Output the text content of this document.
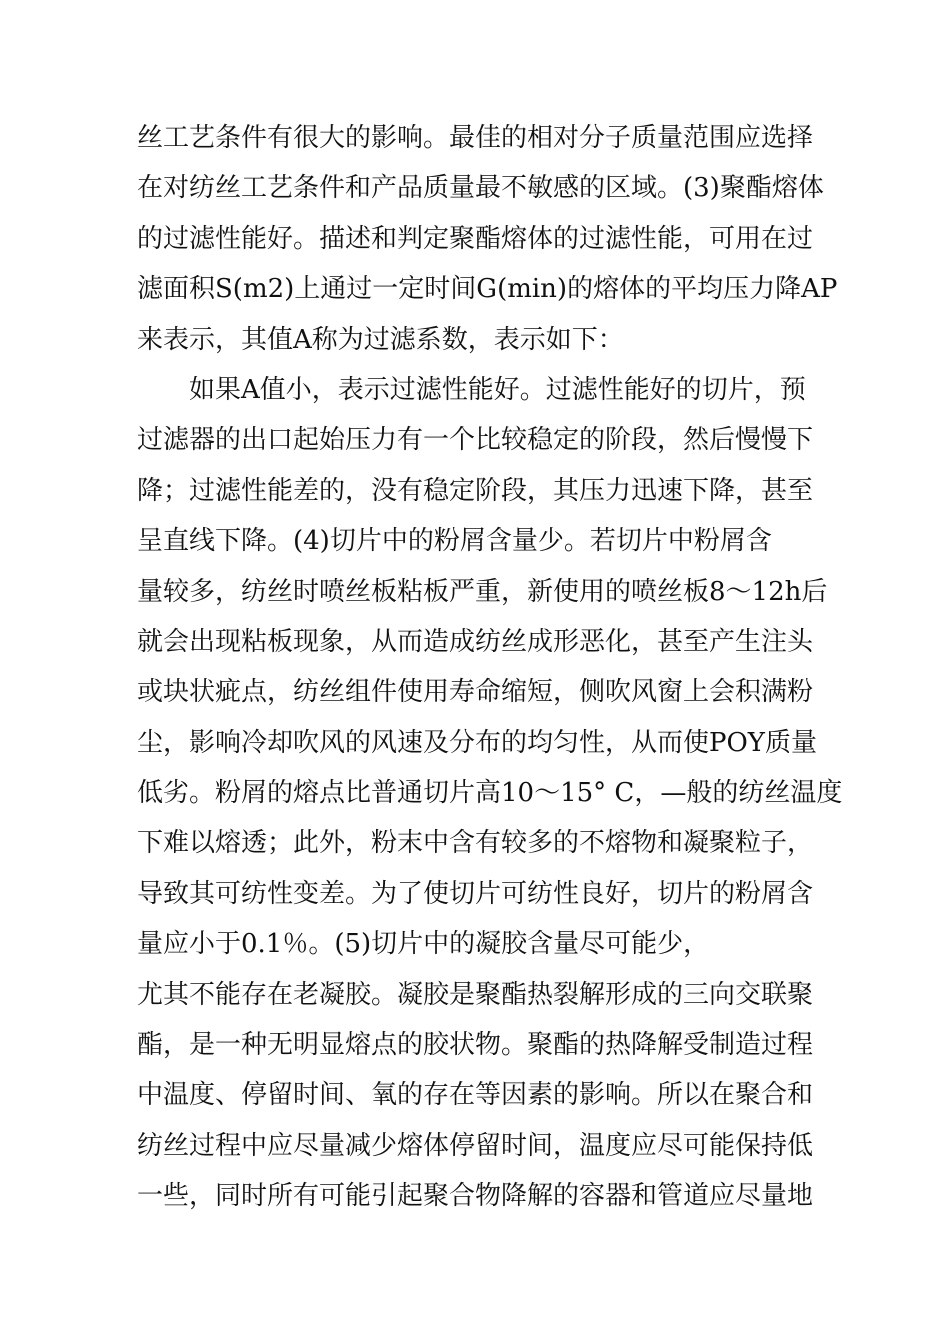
丝工艺条件有很大的影响。最佳的相对分子质量范围应选择
在对纺丝工艺条件和产品质量最不敏感的区域。(3)聚酯熔体
的过滤性能好。描述和判定聚酯熔体的过滤性能，可用在过
滤面积S(m2)上通过一定时间G(min)的熔体的平均压力降AP
来表示，其值A称为过滤系数，表示如下：
如果A值小，表示过滤性能好。过滤性能好的切片，预
过滤器的出口起始压力有一个比较稳定的阶段，然后慢慢下
降；过滤性能差的，没有稳定阶段，其压力迅速下降，甚至
呈直线下降。(4)切片中的粉屑含量少。若切片中粉屑含
量较多，纺丝时喷丝板粘板严重，新使用的喷丝板8〜12h后
就会出现粘板现象，从而造成纺丝成形恶化，甚至产生注头
或块状疵点，纺丝组件使用寿命缩短，侧吹风窗上会积满粉
尘，影响冷却吹风的风速及分布的均匀性，从而使POY质量
低劣。粉屑的熔点比普通切片高10〜15° C，—般的纺丝温度
下难以熔透；此外，粉末中含有较多的不熔物和凝聚粒子，
导致其可纺性变差。为了使切片可纺性良好，切片的粉屑含
量应小于0.1％。(5)切片中的凝胶含量尽可能少，
尤其不能存在老凝胶。凝胶是聚酯热裂解形成的三向交联聚
酯，是一种无明显熔点的胶状物。聚酯的热降解受制造过程
中温度、停留时间、氧的存在等因素的影响。所以在聚合和
纺丝过程中应尽量减少熔体停留时间，温度应尽可能保持低
一些，同时所有可能引起聚合物降解的容器和管道应尽量地
